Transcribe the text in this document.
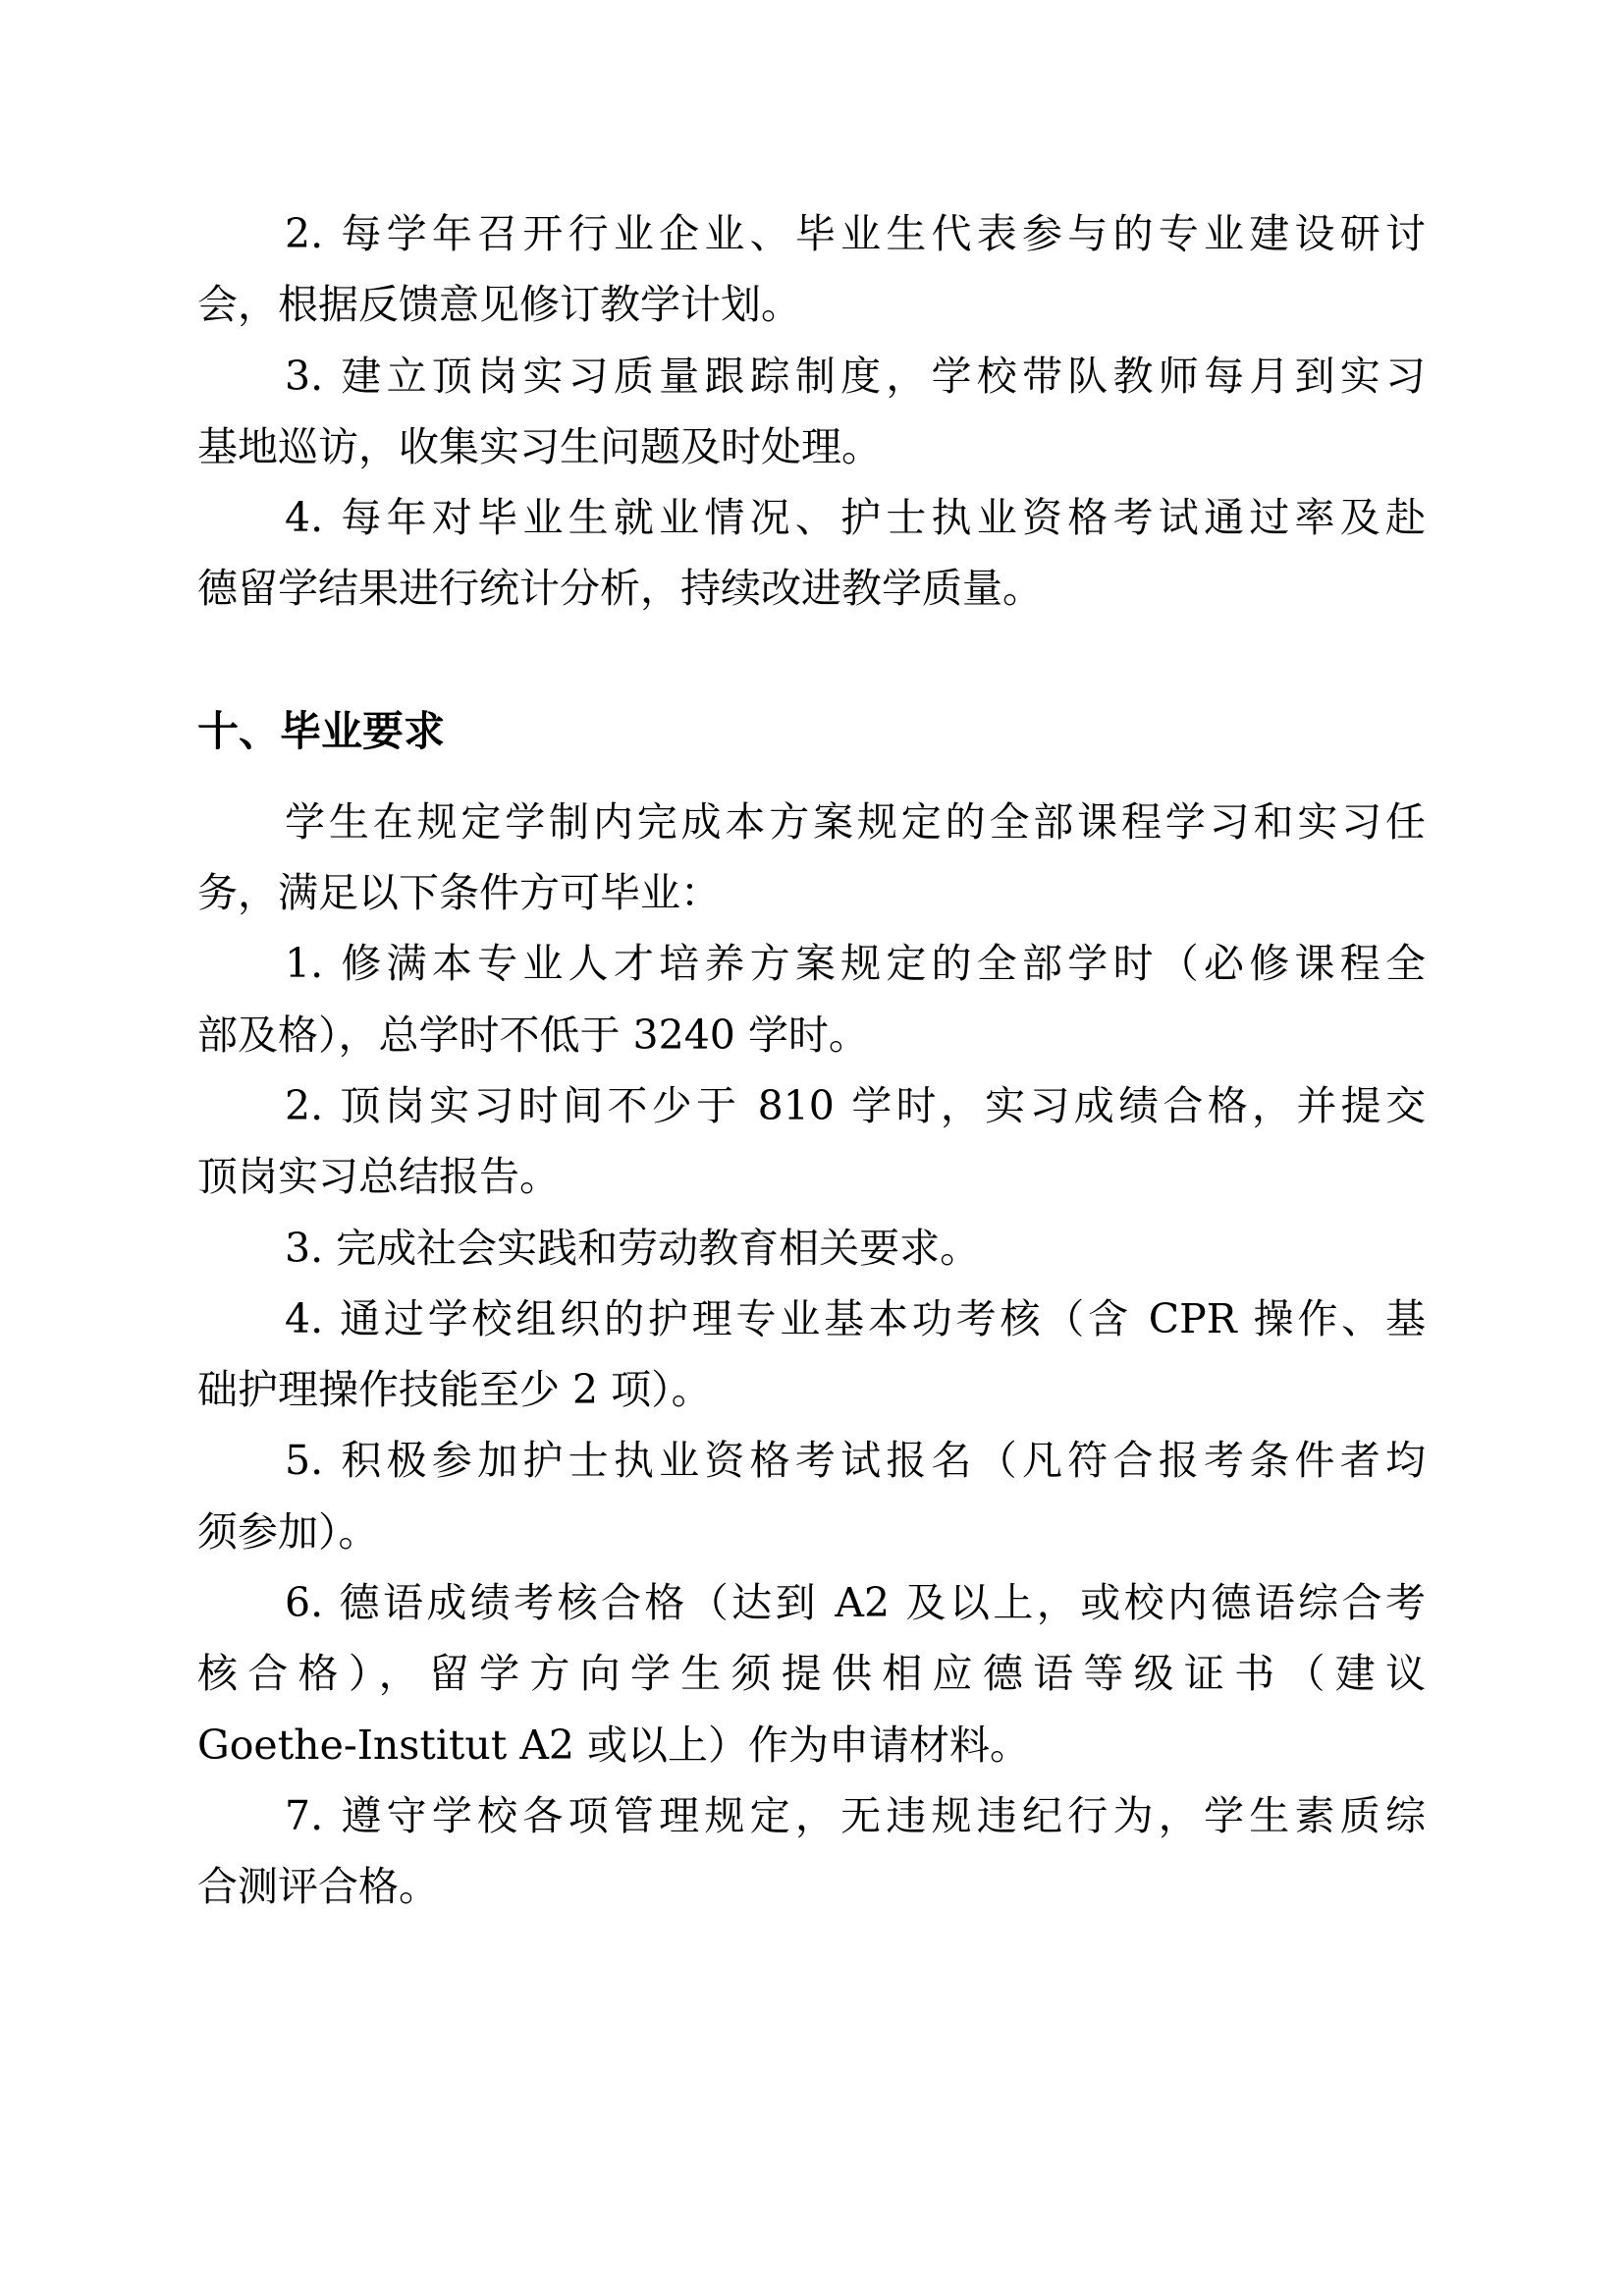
2. 每学年召开行业企业、毕业生代表参与的专业建设研讨
会，根据反馈意见修订教学计划。
3. 建立顶岗实习质量跟踪制度，学校带队教师每月到实习
基地巡访，收集实习生问题及时处理。
4. 每年对毕业生就业情况、护士执业资格考试通过率及赴
德留学结果进行统计分析，持续改进教学质量。
十、毕业要求
学生在规定学制内完成本方案规定的全部课程学习和实习任
务，满足以下条件方可毕业：
1. 修满本专业人才培养方案规定的全部学时（必修课程全
部及格），总学时不低于 3240 学时。
2. 顶岗实习时间不少于 810 学时，实习成绩合格，并提交
顶岗实习总结报告。
3. 完成社会实践和劳动教育相关要求。
4. 通过学校组织的护理专业基本功考核（含 CPR 操作、基
础护理操作技能至少 2 项）。
5. 积极参加护士执业资格考试报名（凡符合报考条件者均
须参加）。
6. 德语成绩考核合格（达到 A2 及以上，或校内德语综合考
核合格），留学方向学生须提供相应德语等级证书（建议
Goethe-Institut A2 或以上）作为申请材料。
7. 遵守学校各项管理规定，无违规违纪行为，学生素质综
合测评合格。
